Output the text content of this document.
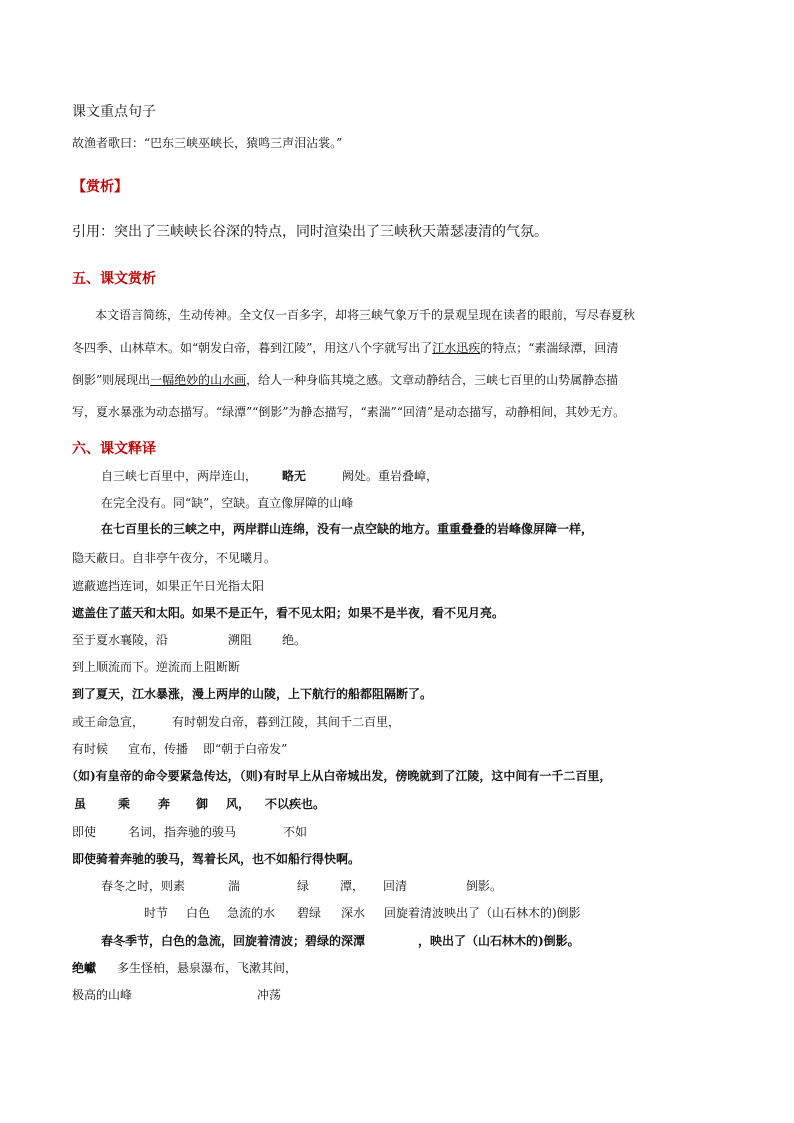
课文重点句子
故渔者歌曰：“巴东三峡巫峡长，猿鸣三声泪沾裳。”
【赏析】
引用：突出了三峡峡长谷深的特点，同时渲染出了三峡秋天萧瑟凄清的气氛。
五、课文赏析
本文语言简练，生动传神。全文仅一百多字，却将三峡气象万千的景观呈现在读者的眼前，写尽春夏秋
冬四季、山林草木。如“朝发白帝，暮到江陵”，用这八个字就写出了江水迅疾的特点；“素湍绿潭，回清
倒影”则展现出一幅绝妙的山水画，给人一种身临其境之感。文章动静结合，三峡七百里的山势属静态描
写，夏水暴涨为动态描写。“绿潭”“倒影”为静态描写，“素湍”“回清”是动态描写，动静相间，其妙无方。
六、课文释译
自三峡七百里中，两岸连山， 略无	阙处。重岩叠嶂，
在完全没有。同“缺”，空缺。直立像屏障的山峰
在七百里长的三峡之中，两岸群山连绵，没有一点空缺的地方。重重叠叠的岩峰像屏障一样，
隐天蔽日。自非亭午夜分，不见曦月。
遮蔽遮挡连词，如果正午日光指太阳
遮盖住了蓝天和太阳。如果不是正午，看不见太阳；如果不是半夜，看不见月亮。
至于夏水襄陵，沿	溯阻 绝。
到上顺流而下。逆流而上阻断断
到了夏天，江水暴涨，漫上两岸的山陵，上下航行的船都阻隔断了。
或王命急宣， 有时朝发白帝，暮到江陵，其间千二百里，
有时候 宣布，传播 即“朝于白帝发”
（如)有皇帝的命令要紧急传达，（则)有时早上从白帝城出发，傍晚就到了江陵，这中间有一千二百里，
虽	乘 奔 御 风， 不以疾也。
即使	名词，指奔驰的骏马	不如
即使骑着奔驰的骏马，驾着长风，也不如船行得快啊。
春冬之时，则素	湍	绿	潭， 回清	倒影。
时节 白色 急流的水 碧绿 深水 回旋着清波映出了（山石林木的)倒影
春冬季节，白色的急流，回旋着清波；碧绿的深潭	，映出了（山石林木的)倒影。
绝巘 多生怪柏，悬泉瀑布，飞漱其间，
极高的山峰	冲荡
